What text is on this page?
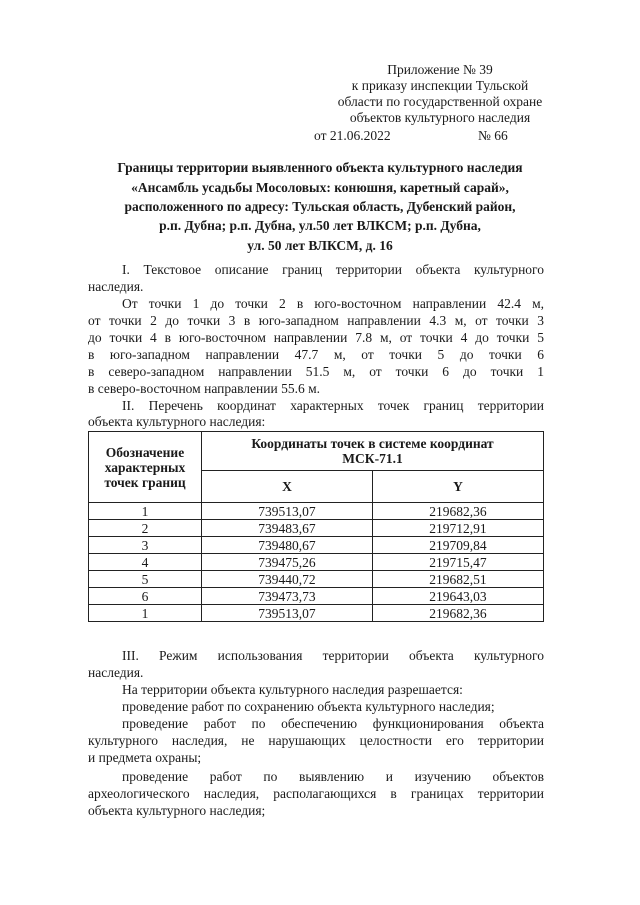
Приложение № 39
к приказу инспекции Тульской
области по государственной охране
объектов культурного наследия
от 21.06.2022	№ 66
Границы территории выявленного объекта культурного наследия
«Ансамбль усадьбы Мосоловых: конюшня, каретный сарай»,
расположенного по адресу: Тульская область, Дубенский район,
р.п. Дубна; р.п. Дубна, ул.50 лет ВЛКСМ; р.п. Дубна,
ул. 50 лет ВЛКСМ, д. 16
I. Текстовое описание границ территории объекта культурного
наследия.
От точки 1 до точки 2 в юго-восточном направлении 42.4 м,
от точки 2 до точки 3 в юго-западном направлении 4.3 м, от точки 3
до точки 4 в юго-восточном направлении 7.8 м, от точки 4 до точки 5
в юго-западном направлении 47.7 м, от точки 5 до точки 6
в северо-западном направлении 51.5 м, от точки 6 до точки 1
в северо-восточном направлении 55.6 м.
II. Перечень координат характерных точек границ территории
объекта культурного наследия:
Обозначение характерных точек границ	Координаты точек в системе координат
МСК-71.1	

	X	Y
1	739513,07	219682,36
2	739483,67	219712,91
3	739480,67	219709,84
4	739475,26	219715,47
5	739440,72	219682,51
6	739473,73	219643,03
1	739513,07	219682,36
III. Режим использования территории объекта культурного
наследия.
На территории объекта культурного наследия разрешается:
проведение работ по сохранению объекта культурного наследия;
проведение работ по обеспечению функционирования объекта
культурного наследия, не нарушающих целостности его территории
и предмета охраны;
проведение работ по выявлению и изучению объектов
археологического наследия, располагающихся в границах территории
объекта культурного наследия;
